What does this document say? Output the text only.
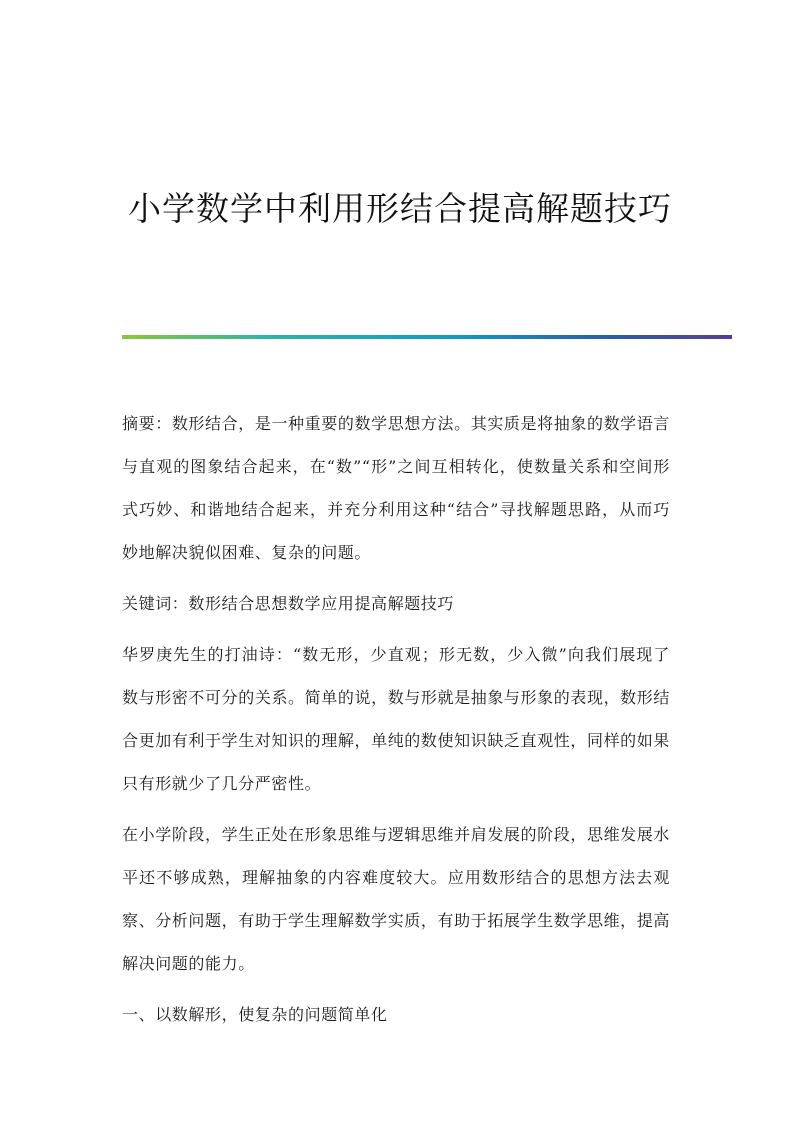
小学数学中利用形结合提高解题技巧

摘要：数形结合，是一种重要的数学思想方法。其实质是将抽象的数学语言与直观的图象结合起来，在“数”“形”之间互相转化，使数量关系和空间形式巧妙、和谐地结合起来，并充分利用这种“结合”寻找解题思路，从而巧妙地解决貌似困难、复杂的问题。

关键词：数形结合思想数学应用提高解题技巧

华罗庚先生的打油诗：“数无形，少直观；形无数，少入微”向我们展现了数与形密不可分的关系。简单的说，数与形就是抽象与形象的表现，数形结合更加有利于学生对知识的理解，单纯的数使知识缺乏直观性，同样的如果只有形就少了几分严密性。

在小学阶段，学生正处在形象思维与逻辑思维并肩发展的阶段，思维发展水平还不够成熟，理解抽象的内容难度较大。应用数形结合的思想方法去观察、分析问题，有助于学生理解数学实质，有助于拓展学生数学思维，提高解决问题的能力。

一、以数解形，使复杂的问题简单化
